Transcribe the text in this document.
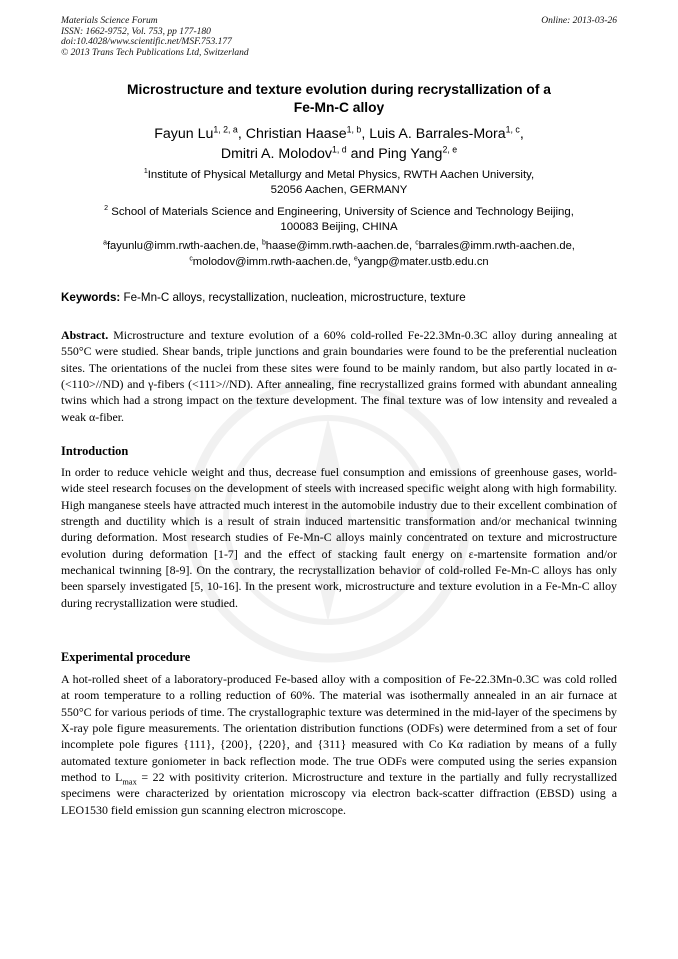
Materials Science Forum
ISSN: 1662-9752, Vol. 753, pp 177-180
doi:10.4028/www.scientific.net/MSF.753.177
© 2013 Trans Tech Publications Ltd, Switzerland
Online: 2013-03-26
Microstructure and texture evolution during recrystallization of a
Fe-Mn-C alloy
Fayun Lu$^{1, 2, a}$, Christian Haase$^{1, b}$, Luis A. Barrales-Mora$^{1, c}$,
Dmitri A. Molodov$^{1, d}$ and Ping Yang$^{2, e}$
$^1$Institute of Physical Metallurgy and Metal Physics, RWTH Aachen University,
52056 Aachen, GERMANY
$^2$ School of Materials Science and Engineering, University of Science and Technology Beijing,
100083 Beijing, CHINA
$^a$fayunlu@imm.rwth-aachen.de, $^b$haase@imm.rwth-aachen.de, $^c$barrales@imm.rwth-aachen.de,
$^c$molodov@imm.rwth-aachen.de, $^e$yangp@mater.ustb.edu.cn
Keywords: Fe-Mn-C alloys, recystallization, nucleation, microstructure, texture
Abstract. Microstructure and texture evolution of a 60% cold-rolled Fe-22.3Mn-0.3C alloy during annealing at 550°C were studied. Shear bands, triple junctions and grain boundaries were found to be the preferential nucleation sites. The orientations of the nuclei from these sites were found to be mainly random, but also partly located in α-(<110>//ND) and γ-fibers (<111>//ND). After annealing, fine recrystallized grains formed with abundant annealing twins which had a strong impact on the texture development. The final texture was of low intensity and revealed a weak α-fiber.
Introduction
In order to reduce vehicle weight and thus, decrease fuel consumption and emissions of greenhouse gases, world-wide steel research focuses on the development of steels with increased specific weight along with high formability. High manganese steels have attracted much interest in the automobile industry due to their excellent combination of strength and ductility which is a result of strain induced martensitic transformation and/or mechanical twinning during deformation. Most research studies of Fe-Mn-C alloys mainly concentrated on texture and microstructure evolution during deformation [1-7] and the effect of stacking fault energy on ε-martensite formation and/or mechanical twinning [8-9]. On the contrary, the recrystallization behavior of cold-rolled Fe-Mn-C alloys has only been sparsely investigated [5, 10-16]. In the present work, microstructure and texture evolution in a Fe-Mn-C alloy during recrystallization were studied.
Experimental procedure
A hot-rolled sheet of a laboratory-produced Fe-based alloy with a composition of Fe-22.3Mn-0.3C was cold rolled at room temperature to a rolling reduction of 60%. The material was isothermally annealed in an air furnace at 550°C for various periods of time. The crystallographic texture was determined in the mid-layer of the specimens by X-ray pole figure measurements. The orientation distribution functions (ODFs) were determined from a set of four incomplete pole figures {111}, {200}, {220}, and {311} measured with Co Kα radiation by means of a fully automated texture goniometer in back reflection mode. The true ODFs were computed using the series expansion method to $L_{max} = 22$ with positivity criterion. Microstructure and texture in the partially and fully recrystallized specimens were characterized by orientation microscopy via electron back-scatter diffraction (EBSD) using a LEO1530 field emission gun scanning electron microscope.
